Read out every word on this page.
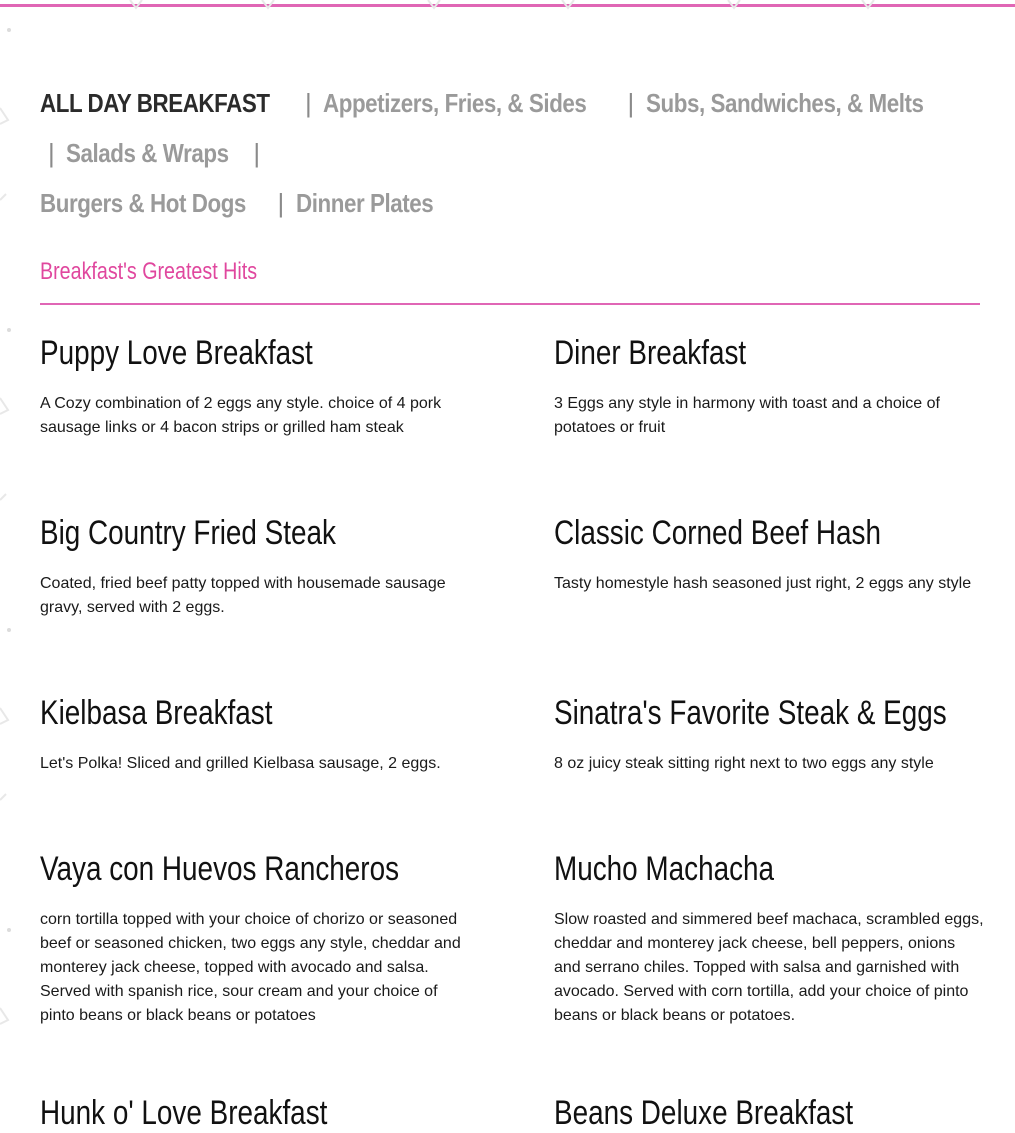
ALL DAY BREAKFAST | Appetizers, Fries, & Sides | Subs, Sandwiches, & Melts| Salads & Wraps |
Burgers & Hot Dogs | Dinner Plates
Breakfast's Greatest Hits
Puppy Love Breakfast

A Cozy combination of 2 eggs any style. choice of 4 pork sausage links or 4 bacon strips or grilled ham steak

Diner Breakfast

3 Eggs any style in harmony with toast and a choice of potatoes or fruit

Big Country Fried Steak

Coated, fried beef patty topped with housemade sausage gravy, served with 2 eggs.

Classic Corned Beef Hash

Tasty homestyle hash seasoned just right, 2 eggs any style

Kielbasa Breakfast

Let's Polka! Sliced and grilled Kielbasa sausage, 2 eggs.

Sinatra's Favorite Steak & Eggs

8 oz juicy steak sitting right next to two eggs any style

Vaya con Huevos Rancheros

corn tortilla topped with your choice of chorizo or seasoned beef or seasoned chicken, two eggs any style, cheddar and monterey jack cheese, topped with avocado and salsa. Served with spanish rice, sour cream and your choice of pinto beans or black beans or potatoes

Mucho Machacha

Slow roasted and simmered beef machaca, scrambled eggs, cheddar and monterey jack cheese, bell peppers, onions and serrano chiles. Topped with salsa and garnished with avocado. Served with corn tortilla, add your choice of pinto beans or black beans or potatoes.

Hunk o' Love Breakfast	Beans Deluxe Breakfast
